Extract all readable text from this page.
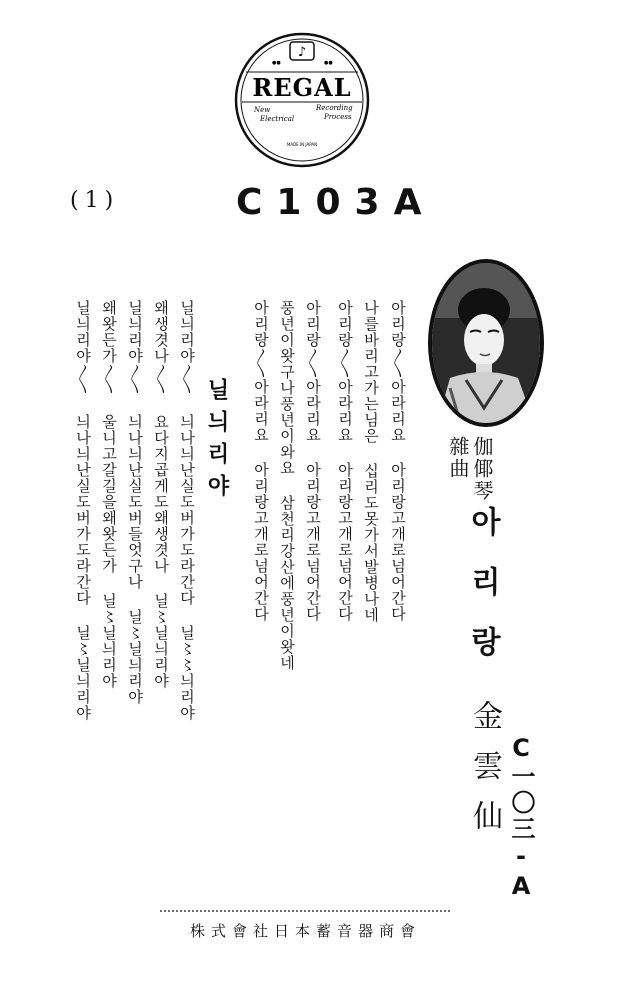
♪
●●	●●
REGAL
New
Electrical
Recording
Process
MADE IN JAPAN
(1)	C103A
伽倻琴
雜曲
아리랑
金雲仙 C一〇三-A
아리랑〱아라리요 아리랑고개로넘어간다
나를바리고가는님은 십리도못가서발병나네
아리랑〱아라리요 아리랑고개로넘어간다
아리랑〱아라리요 아리랑고개로넘어간다
풍년이왓구나풍년이와요 삼천리강산에풍년이왓네
아리랑〱아라리요 아리랑고개로넘어간다
닐늬리야
닐늬리야〱 늬나늬난실도버가도라간다 닐〻〻늬리야
왜생겻나〱 요다지곱게도왜생겻나 닐〻닐늬리야
닐늬리야〱 늬나늬난실도버들엇구나 닐〻닐늬리야
왜왓든가〱 울니고갈길을왜왓든가 닐〻닐늬리야
닐늬리야〱 늬나늬난실도버가도라간다 닐〻닐늬리야
株式會社日本蓄音器商會
